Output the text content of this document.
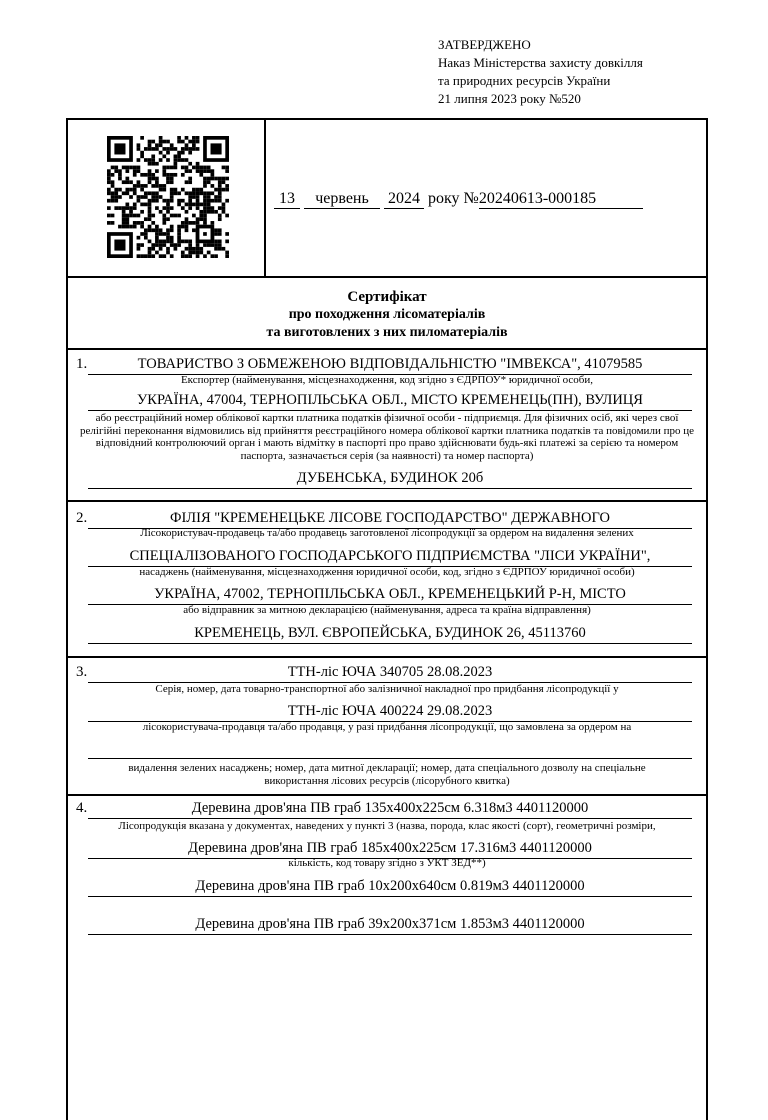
ЗАТВЕРДЖЕНО
Наказ Міністерства захисту довкілля
та природних ресурсів України
21 липня 2023 року №520
13 червень 2024 року №20240613-000185
Сертифікат
про походження лісоматеріалів
та виготовлених з них пиломатеріалів
1.	ТОВАРИСТВО З ОБМЕЖЕНОЮ ВІДПОВІДАЛЬНІСТЮ "ІМВЕКСА", 41079585
Експортер (найменування, місцезнаходження, код згідно з ЄДРПОУ* юридичної особи,
УКРАЇНА, 47004, ТЕРНОПІЛЬСЬКА ОБЛ., МІСТО КРЕМЕНЕЦЬ(ПН), ВУЛИЦЯ
або реєстраційний номер облікової картки платника податків фізичної особи - підприємця. Для фізичних осіб, які через свої релігійні переконання відмовились від прийняття реєстраційного номера облікової картки платника податків та повідомили про це відповідний контролюючий орган і мають відмітку в паспорті про право здійснювати будь-які платежі за серією та номером паспорта, зазначається серія (за наявності) та номер паспорта)
ДУБЕНСЬКА, БУДИНОК 20б
2.	ФІЛІЯ "КРЕМЕНЕЦЬКЕ ЛІСОВЕ ГОСПОДАРСТВО" ДЕРЖАВНОГО
Лісокористувач-продавець та/або продавець заготовленої лісопродукції за ордером на видалення зелених
СПЕЦІАЛІЗОВАНОГО ГОСПОДАРСЬКОГО ПІДПРИЄМСТВА "ЛІСИ УКРАЇНИ",
насаджень (найменування, місцезнаходження юридичної особи, код, згідно з ЄДРПОУ юридичної особи)
УКРАЇНА, 47002, ТЕРНОПІЛЬСЬКА ОБЛ., КРЕМЕНЕЦЬКИЙ Р-Н, МІСТО
або відправник за митною декларацією (найменування, адреса та країна відправлення)
КРЕМЕНЕЦЬ, ВУЛ. ЄВРОПЕЙСЬКА, БУДИНОК 26, 45113760
3.	ТТН-ліс ЮЧА 340705 28.08.2023
Серія, номер, дата товарно-транспортної або залізничної накладної про придбання лісопродукції у
ТТН-ліс ЮЧА 400224 29.08.2023
лісокористувача-продавця та/або продавця, у разі придбання лісопродукції, що замовлена за ордером на
видалення зелених насаджень; номер, дата митної декларації; номер, дата спеціального дозволу на спеціальне використання лісових ресурсів (лісорубного квитка)
4.	Деревина дров'яна ПВ граб 135x400x225см 6.318м3 4401120000
Лісопродукція вказана у документах, наведених у пункті 3 (назва, порода, клас якості (сорт), геометричні розміри,
Деревина дров'яна ПВ граб 185x400x225см 17.316м3 4401120000
кількість, код товару згідно з УКТ ЗЕД**)
Деревина дров'яна ПВ граб 10x200x640см 0.819м3 4401120000
Деревина дров'яна ПВ граб 39x200x371см 1.853м3 4401120000
